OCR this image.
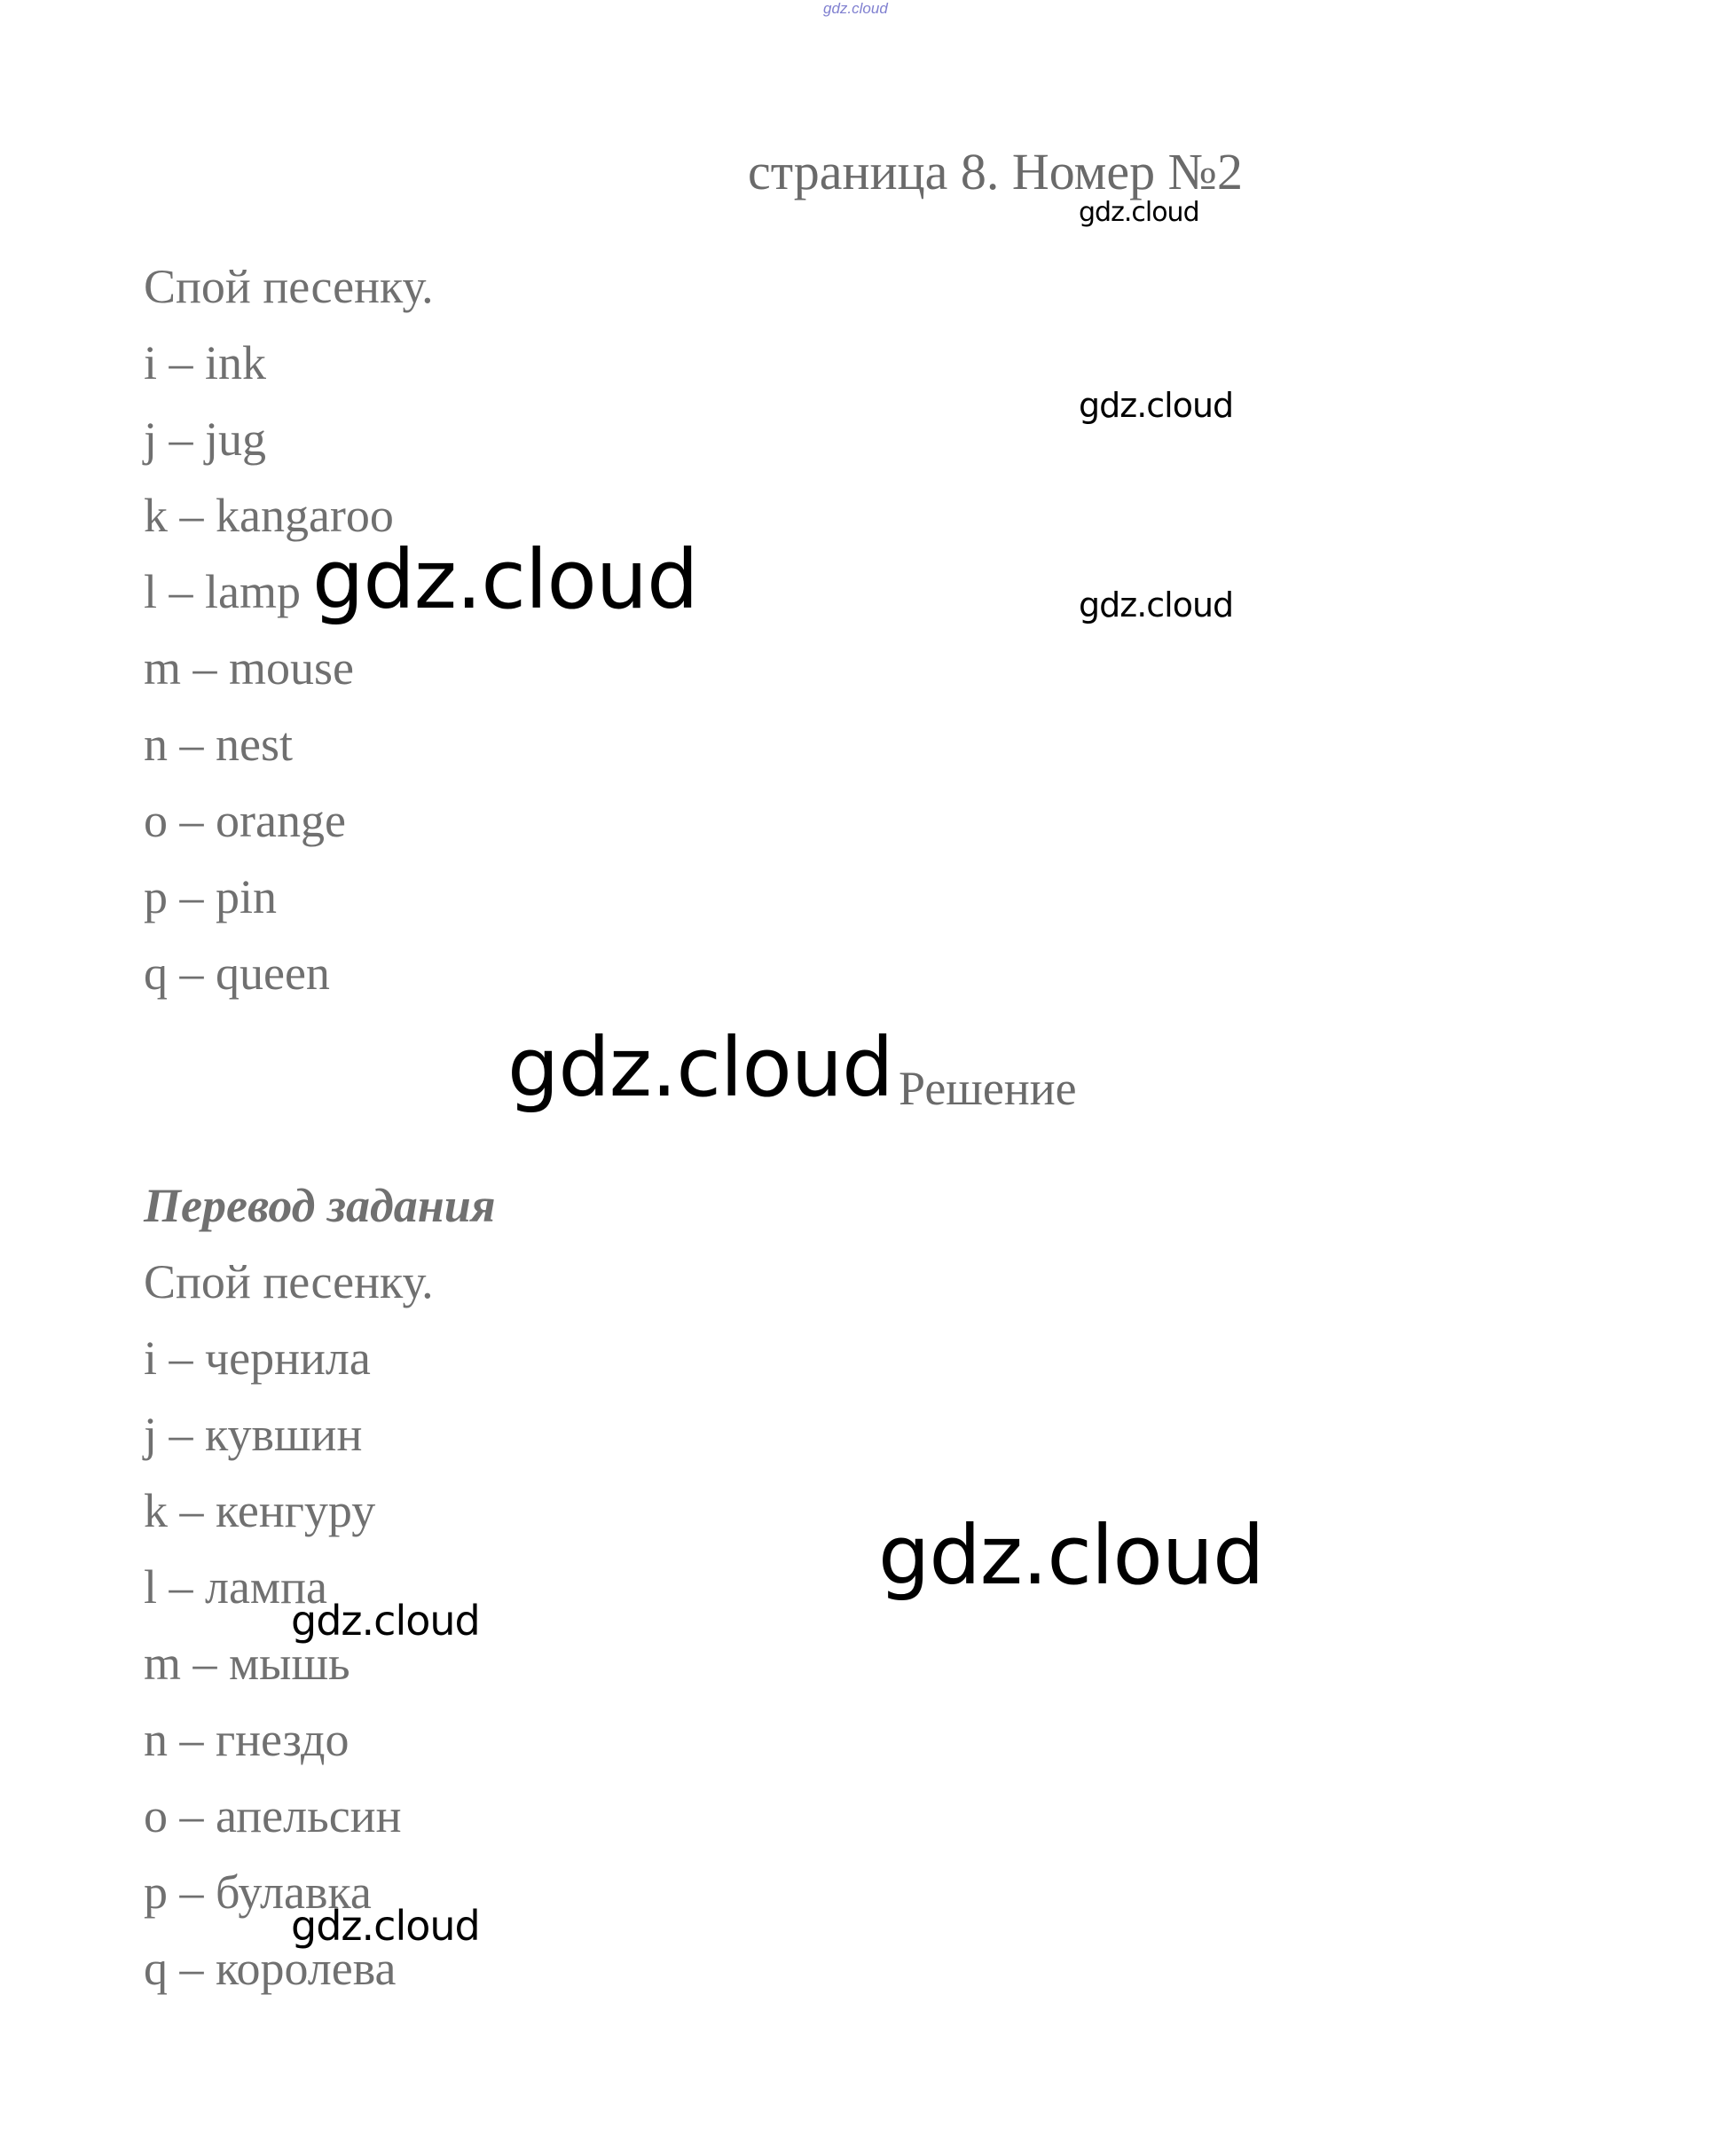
gdz.cloud
страница 8. Номер №2
Спой песенку.
i – ink
j – jug
k – kangaroo
l – lamp
m – mouse
n – nest
o – orange
p – pin
q – queen
Решение
Перевод задания
Спой песенку.
i – чернила
j – кувшин
k – кенгуру
l – лампа
m – мышь
n – гнездо
o – апельсин
p – булавка
q – королева
gdz.cloud
gdz.cloud
gdz.cloud
gdz.cloud
gdz.cloud
gdz.cloud
gdz.cloud
gdz.cloud
